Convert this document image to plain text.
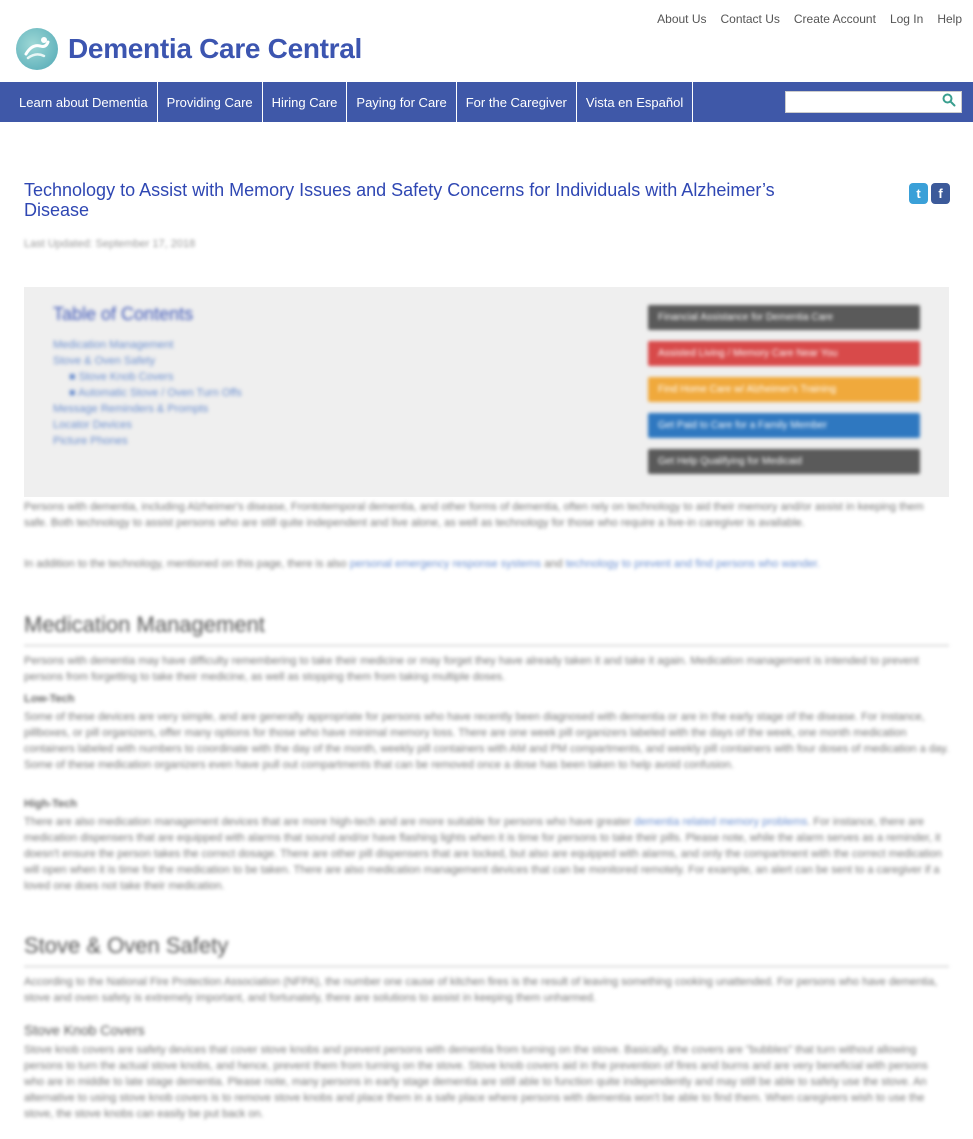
About Us Contact Us Create Account Log In Help
Dementia Care Central
Learn about Dementia	Providing Care	Hiring Care	Paying for Care	For the Caregiver	Vista en Español
Technology to Assist with Memory Issues and Safety Concerns for Individuals with Alzheimer’s Disease
t	f
Last Updated: September 17, 2018
Table of Contents
Medication Management
Stove & Oven Safety
■ Stove Knob Covers
■ Automatic Stove / Oven Turn Offs
Message Reminders & Prompts
Locator Devices
Picture Phones
Financial Assistance for Dementia Care
Assisted Living / Memory Care Near You
Find Home Care w/ Alzheimer's Training
Get Paid to Care for a Family Member
Get Help Qualifying for Medicaid

Persons with dementia, including Alzheimer's disease, Frontotemporal dementia, and other forms of dementia, often rely on technology to aid their memory and/or assist in keeping them safe. Both technology to assist persons who are still quite independent and live alone, as well as technology for those who require a live-in caregiver is available.

In addition to the technology, mentioned on this page, there is also personal emergency response systems and technology to prevent and find persons who wander.

Medication Management

Persons with dementia may have difficulty remembering to take their medicine or may forget they have already taken it and take it again. Medication management is intended to prevent persons from forgetting to take their medicine, as well as stopping them from taking multiple doses.

Low-Tech

Some of these devices are very simple, and are generally appropriate for persons who have recently been diagnosed with dementia or are in the early stage of the disease. For instance, pillboxes, or pill organizers, offer many options for those who have minimal memory loss. There are one week pill organizers labeled with the days of the week, one month medication containers labeled with numbers to coordinate with the day of the month, weekly pill containers with AM and PM compartments, and weekly pill containers with four doses of medication a day. Some of these medication organizers even have pull out compartments that can be removed once a dose has been taken to help avoid confusion.

High-Tech

There are also medication management devices that are more high-tech and are more suitable for persons who have greater dementia related memory problems. For instance, there are medication dispensers that are equipped with alarms that sound and/or have flashing lights when it is time for persons to take their pills. Please note, while the alarm serves as a reminder, it doesn't ensure the person takes the correct dosage. There are other pill dispensers that are locked, but also are equipped with alarms, and only the compartment with the correct medication will open when it is time for the medication to be taken. There are also medication management devices that can be monitored remotely. For example, an alert can be sent to a caregiver if a loved one does not take their medication.

Stove & Oven Safety

According to the National Fire Protection Association (NFPA), the number one cause of kitchen fires is the result of leaving something cooking unattended. For persons who have dementia, stove and oven safety is extremely important, and fortunately, there are solutions to assist in keeping them unharmed.

Stove Knob Covers

Stove knob covers are safety devices that cover stove knobs and prevent persons with dementia from turning on the stove. Basically, the covers are "bubbles" that turn without allowing persons to turn the actual stove knobs, and hence, prevent them from turning on the stove. Stove knob covers aid in the prevention of fires and burns and are very beneficial with persons who are in middle to late stage dementia. Please note, many persons in early stage dementia are still able to function quite independently and may still be able to safely use the stove. An alternative to using stove knob covers is to remove stove knobs and place them in a safe place where persons with dementia won't be able to find them. When caregivers wish to use the stove, the stove knobs can easily be put back on.
